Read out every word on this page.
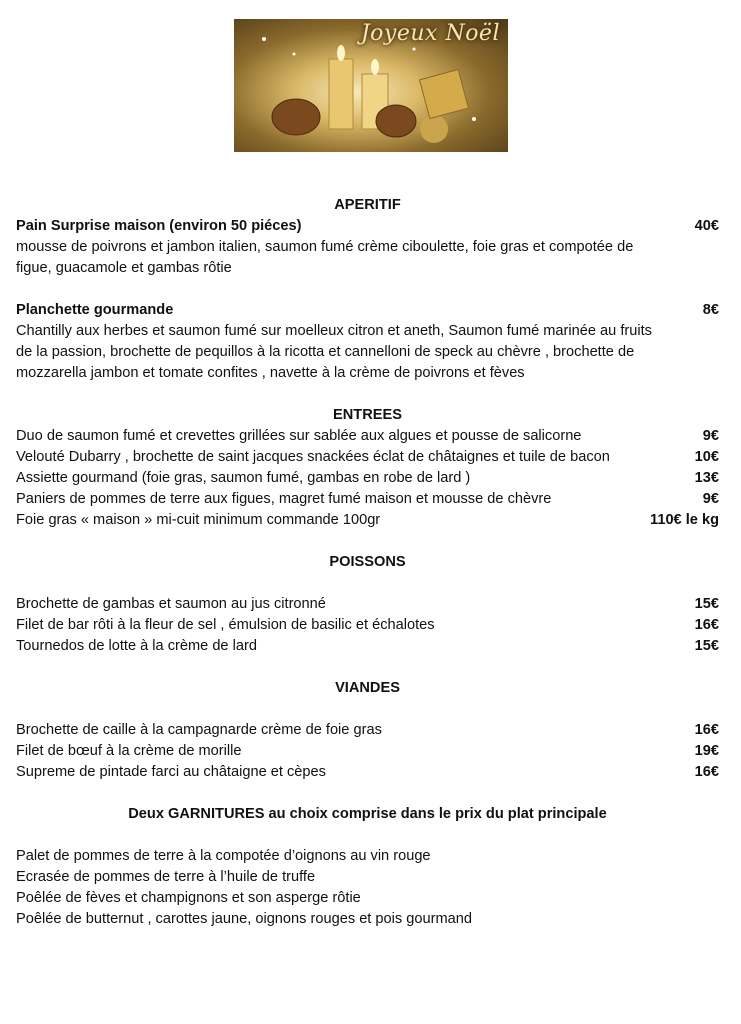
Joyeux Noël
APERITIF
Pain Surprise maison (environ 50 piéces)	40€
mousse de poivrons et jambon italien, saumon fumé crème ciboulette, foie gras et compotée de
figue, guacamole et gambas rôtie
Planchette gourmande	8€
Chantilly aux herbes et saumon fumé sur moelleux citron et aneth, Saumon fumé marinée au fruits
de la passion, brochette de pequillos à la ricotta et cannelloni de speck au chèvre , brochette de
mozzarella jambon et tomate confites , navette à la crème de poivrons et fèves
ENTREES
Duo de saumon fumé et crevettes grillées sur sablée aux algues et pousse de salicorne	9€
Velouté Dubarry , brochette de saint jacques snackées éclat de châtaignes et tuile de bacon	10€
Assiette gourmand (foie gras, saumon fumé, gambas en robe de lard )	13€
Paniers de pommes de terre aux figues, magret fumé maison et mousse de chèvre	9€
Foie gras « maison » mi-cuit minimum commande 100gr	110€ le kg
POISSONS
Brochette de gambas et saumon au jus citronné	15€
Filet de bar rôti à la fleur de sel , émulsion de basilic et échalotes	16€
Tournedos de lotte à la crème de lard	15€
VIANDES
Brochette de caille à la campagnarde crème de foie gras	16€
Filet de bœuf à la crème de morille	19€
Supreme de pintade farci au châtaigne et cèpes	16€
Deux GARNITURES au choix comprise dans le prix du plat principale
Palet de pommes de terre à la compotée d’oignons au vin rouge
Ecrasée de pommes de terre à l’huile de truffe
Poêlée de fèves et champignons et son asperge rôtie
Poêlée de butternut , carottes jaune, oignons rouges et pois gourmand
